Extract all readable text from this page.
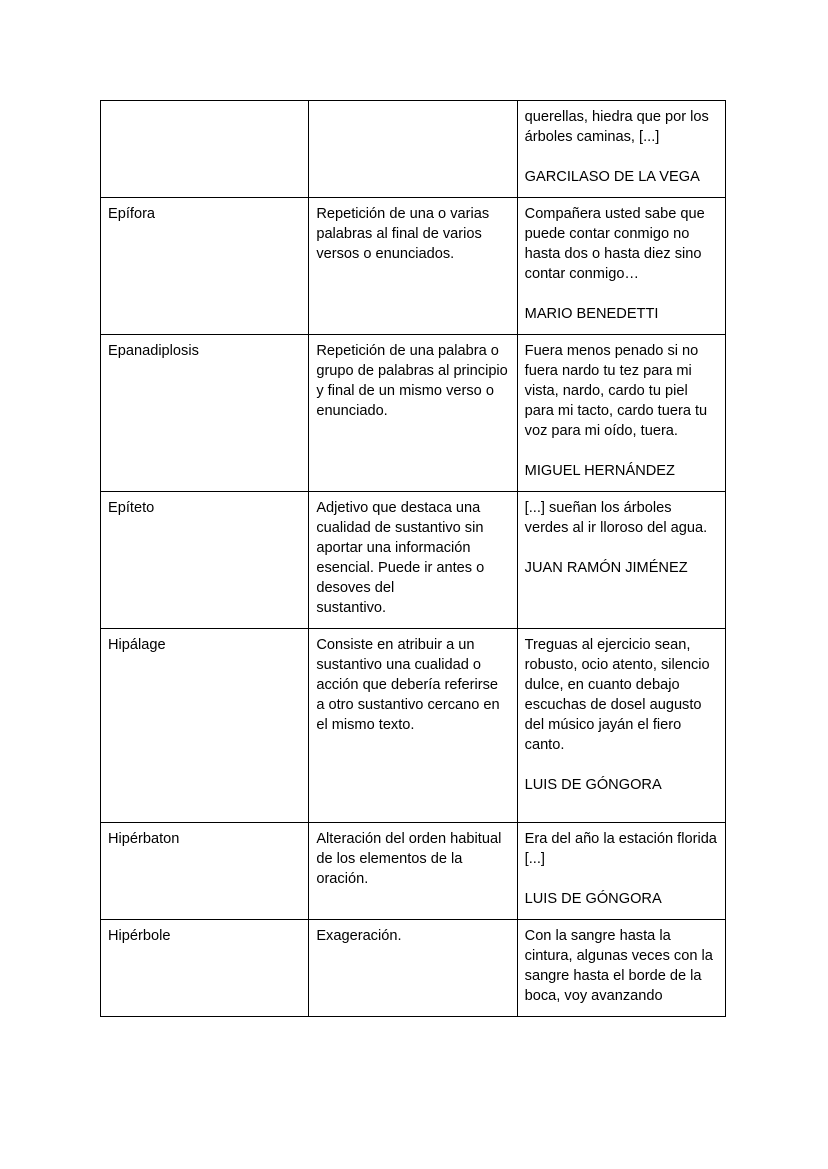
		querellas, hiedra que por los árboles caminas, [...]
GARCILASO DE LA VEGA

Epífora	Repetición de una o varias palabras al final de varios versos o enunciados.	Compañera usted sabe que puede contar conmigo no hasta dos o hasta diez sino contar conmigo…
MARIO BENEDETTI

Epanadiplosis	Repetición de una palabra o grupo de palabras al principio y final de un mismo verso o enunciado.	Fuera menos penado si no fuera nardo tu tez para mi vista, nardo, cardo tu piel para mi tacto, cardo tuera tu voz para mi oído, tuera.
MIGUEL HERNÁNDEZ

Epíteto	Adjetivo que destaca una cualidad de sustantivo sin aportar una información esencial. Puede ir antes o desoves del
sustantivo.	[...] sueñan los árboles verdes al ir lloroso del agua.
JUAN RAMÓN JIMÉNEZ

Hipálage	Consiste en atribuir a un sustantivo una cualidad o acción que debería referirse a otro sustantivo cercano en el mismo texto.	Treguas al ejercicio sean, robusto, ocio atento, silencio dulce, en cuanto debajo escuchas de dosel augusto del músico jayán el fiero canto.
LUIS DE GÓNGORA

Hipérbaton	Alteración del orden habitual de los elementos de la oración.	Era del año la estación florida [...]
LUIS DE GÓNGORA

Hipérbole	Exageración.	Con la sangre hasta la cintura, algunas veces con la sangre hasta el borde de la boca, voy avanzando
